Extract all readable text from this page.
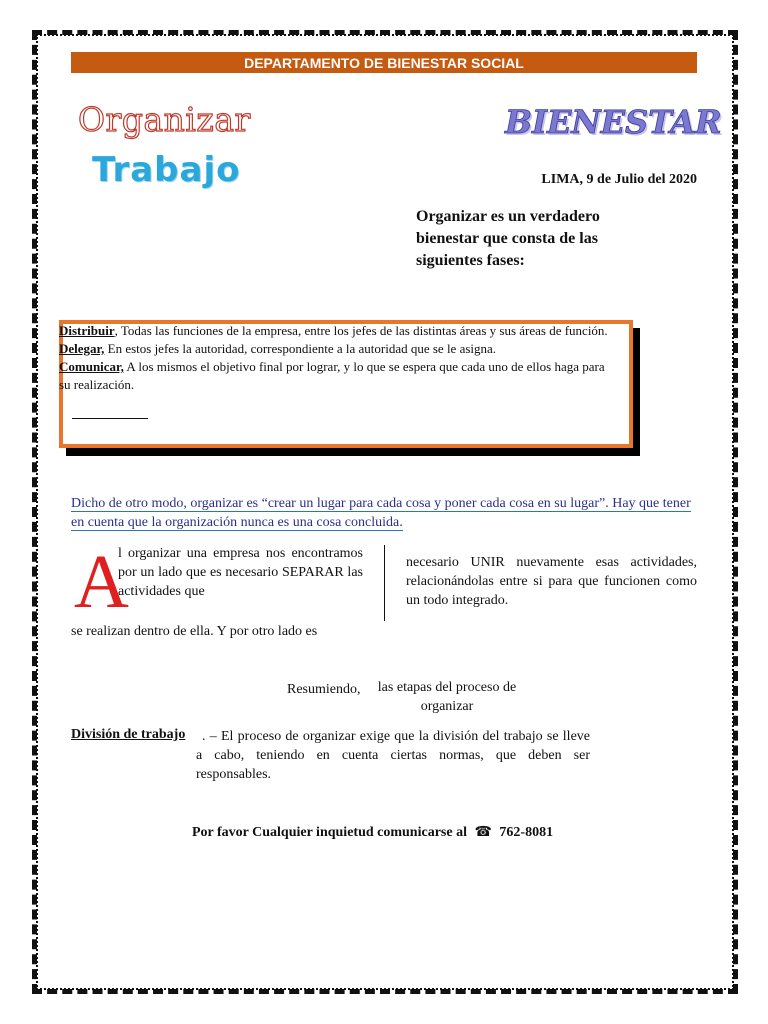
DEPARTAMENTO DE BIENESTAR SOCIAL
Organizar
Trabajo
BIENESTAR
LIMA, 9 de Julio del 2020
Organizar es un verdadero bienestar que consta de las siguientes fases:
Distribuir, Todas las funciones de la empresa, entre los jefes de las distintas áreas y sus áreas de función.
Delegar, En estos jefes la autoridad, correspondiente a la autoridad que se le asigna.
Comunicar, A los mismos el objetivo final por lograr, y lo que se espera que cada uno de ellos haga para su realización.
Dicho de otro modo, organizar es “crear un lugar para cada cosa y poner cada cosa en su lugar”. Hay que tener en cuenta que la organización nunca es una cosa concluida.
A
l organizar una empresa nos encontramos por un lado que es necesario SEPARAR las actividades que
se realizan dentro de ella. Y por otro lado es
necesario UNIR nuevamente esas actividades, relacionándolas entre si para que funcionen como un todo integrado.
Resumiendo,	las etapas del proceso de organizar
División de trabajo	. – El proceso de organizar exige que la división del trabajo se lleve a cabo, teniendo en cuenta ciertas normas, que deben ser responsables.
Por favor Cualquier inquietud comunicarse al ☎ 762-8081
